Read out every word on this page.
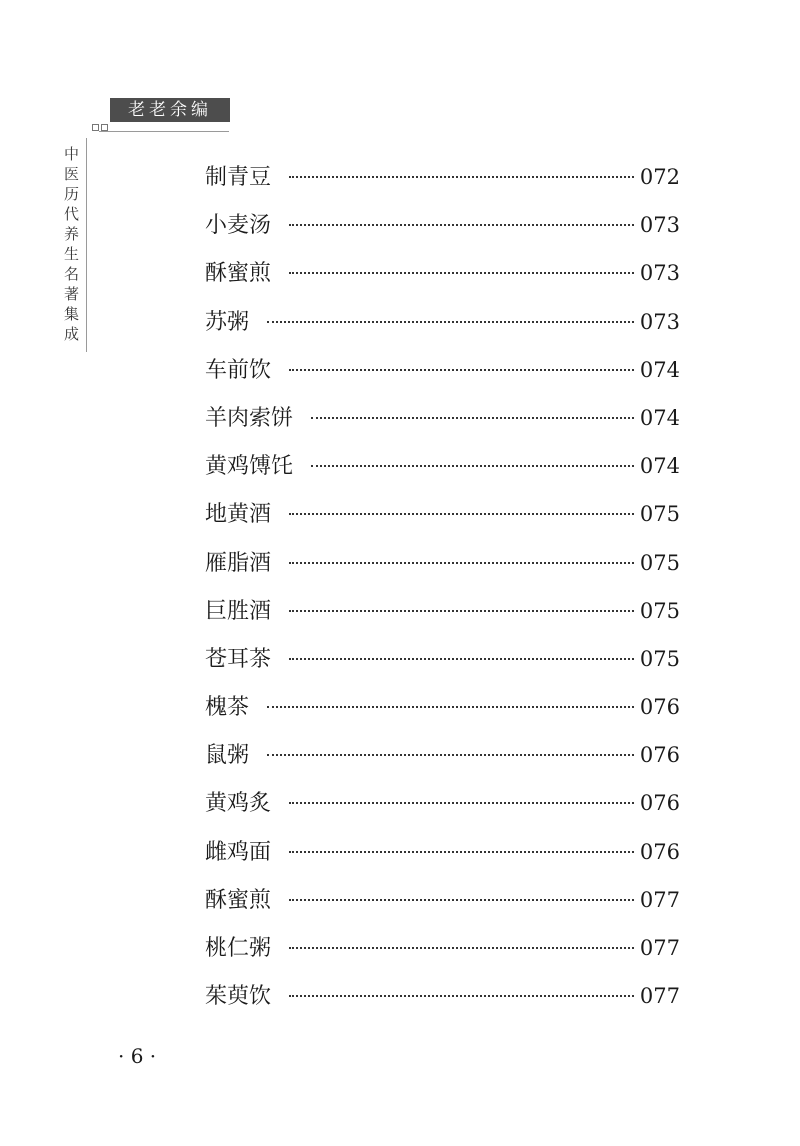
老老余编
中医历代养生名著集成	制青豆	072
小麦汤	073
酥蜜煎	073
苏粥	073
车前饮	074
羊肉索饼	074
黄鸡馎饦	074
地黄酒	075
雁脂酒	075
巨胜酒	075
苍耳茶	075
槐茶	076
鼠粥	076
黄鸡炙	076
雌鸡面	076
酥蜜煎	077
桃仁粥	077
茱萸饮	077
· 6 ·
